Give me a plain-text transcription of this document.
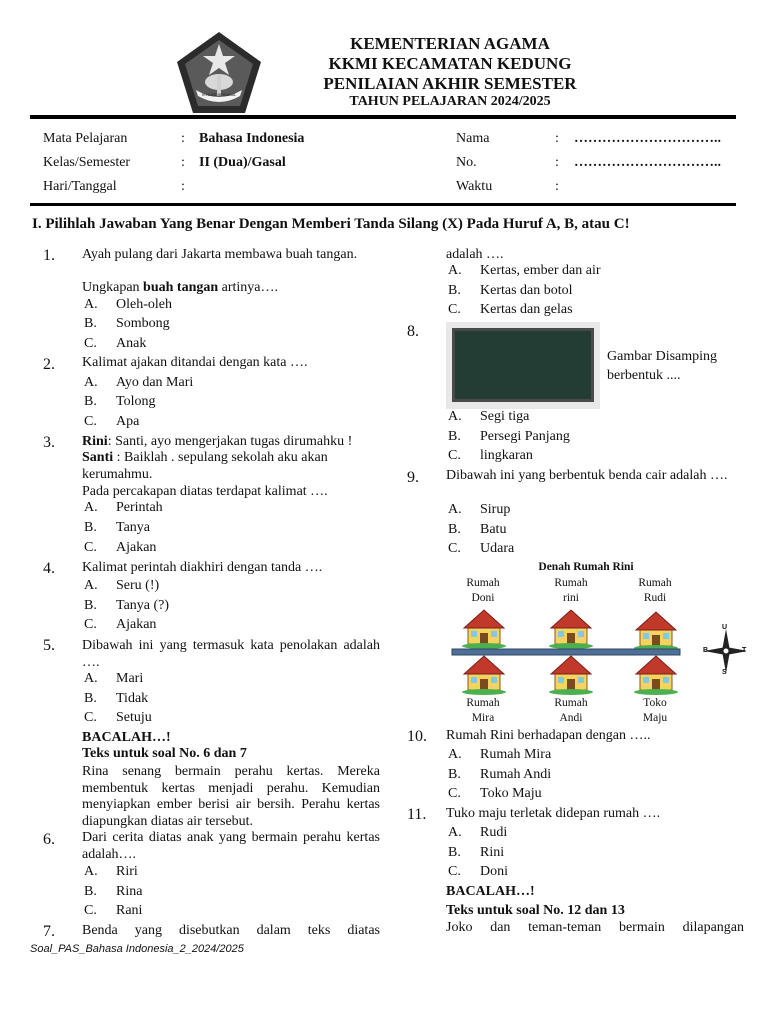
IKHLAS BERAMAL
KEMENTERIAN AGAMA
KKMI KECAMATAN KEDUNG
PENILAIAN AKHIR SEMESTER
TAHUN PELAJARAN 2024/2025
Mata Pelajaran	: Bahasa Indonesia
Kelas/Semester	: II (Dua)/Gasal
Hari/Tanggal	:
Nama	: …………………………..
No.	: …………………………..
Waktu	:
I. Pilihlah Jawaban Yang Benar Dengan Memberi Tanda Silang (X) Pada Huruf A, B, atau C!
1. Ayah pulang dari Jakarta membawa buah tangan.
Ungkapan buah tangan artinya….
A. Oleh-oleh
B. Sombong
C. Anak
2. Kalimat ajakan ditandai dengan kata ….
A. Ayo dan Mari
B. Tolong
C. Apa
3. Rini: Santi, ayo mengerjakan tugas dirumahku !
Santi : Baiklah . sepulang sekolah aku akan kerumahmu.
Pada percakapan diatas terdapat kalimat ….
A. Perintah
B. Tanya
C. Ajakan
4. Kalimat perintah diakhiri dengan tanda ….
A. Seru (!)
B. Tanya (?)
C. Ajakan
5. Dibawah ini yang termasuk kata penolakan adalah ….
A. Mari
B. Tidak
C. Setuju
BACALAH…!
Teks untuk soal No. 6 dan 7
Rina senang bermain perahu kertas. Mereka membentuk kertas menjadi perahu. Kemudian menyiapkan ember berisi air bersih. Perahu kertas diapungkan diatas air tersebut.
6. Dari cerita diatas anak yang bermain perahu kertas adalah….
A. Riri
B. Rina
C. Rani
7. Benda yang disebutkan dalam teks diatas
Soal_PAS_Bahasa Indonesia_2_2024/2025
adalah ….
A. Kertas, ember dan air
B. Kertas dan botol
C. Kertas dan gelas
8.
Gambar Disamping berbentuk ....
A. Segi tiga
B. Persegi Panjang
C. lingkaran
9. Dibawah ini yang berbentuk benda cair adalah ….
A. Sirup
B. Batu
C. Udara
Denah Rumah Rini
Rumah Doni
Rumah rini
Rumah Rudi
U
B	T
S
Rumah Mira
Rumah Andi
Toko Maju
10. Rumah Rini berhadapan dengan …..
A. Rumah Mira
B. Rumah Andi
C. Toko Maju
11. Tuko maju terletak didepan rumah ….
A. Rudi
B. Rini
C. Doni
BACALAH…!
Teks untuk soal No. 12 dan 13
Joko dan teman-teman bermain dilapangan
